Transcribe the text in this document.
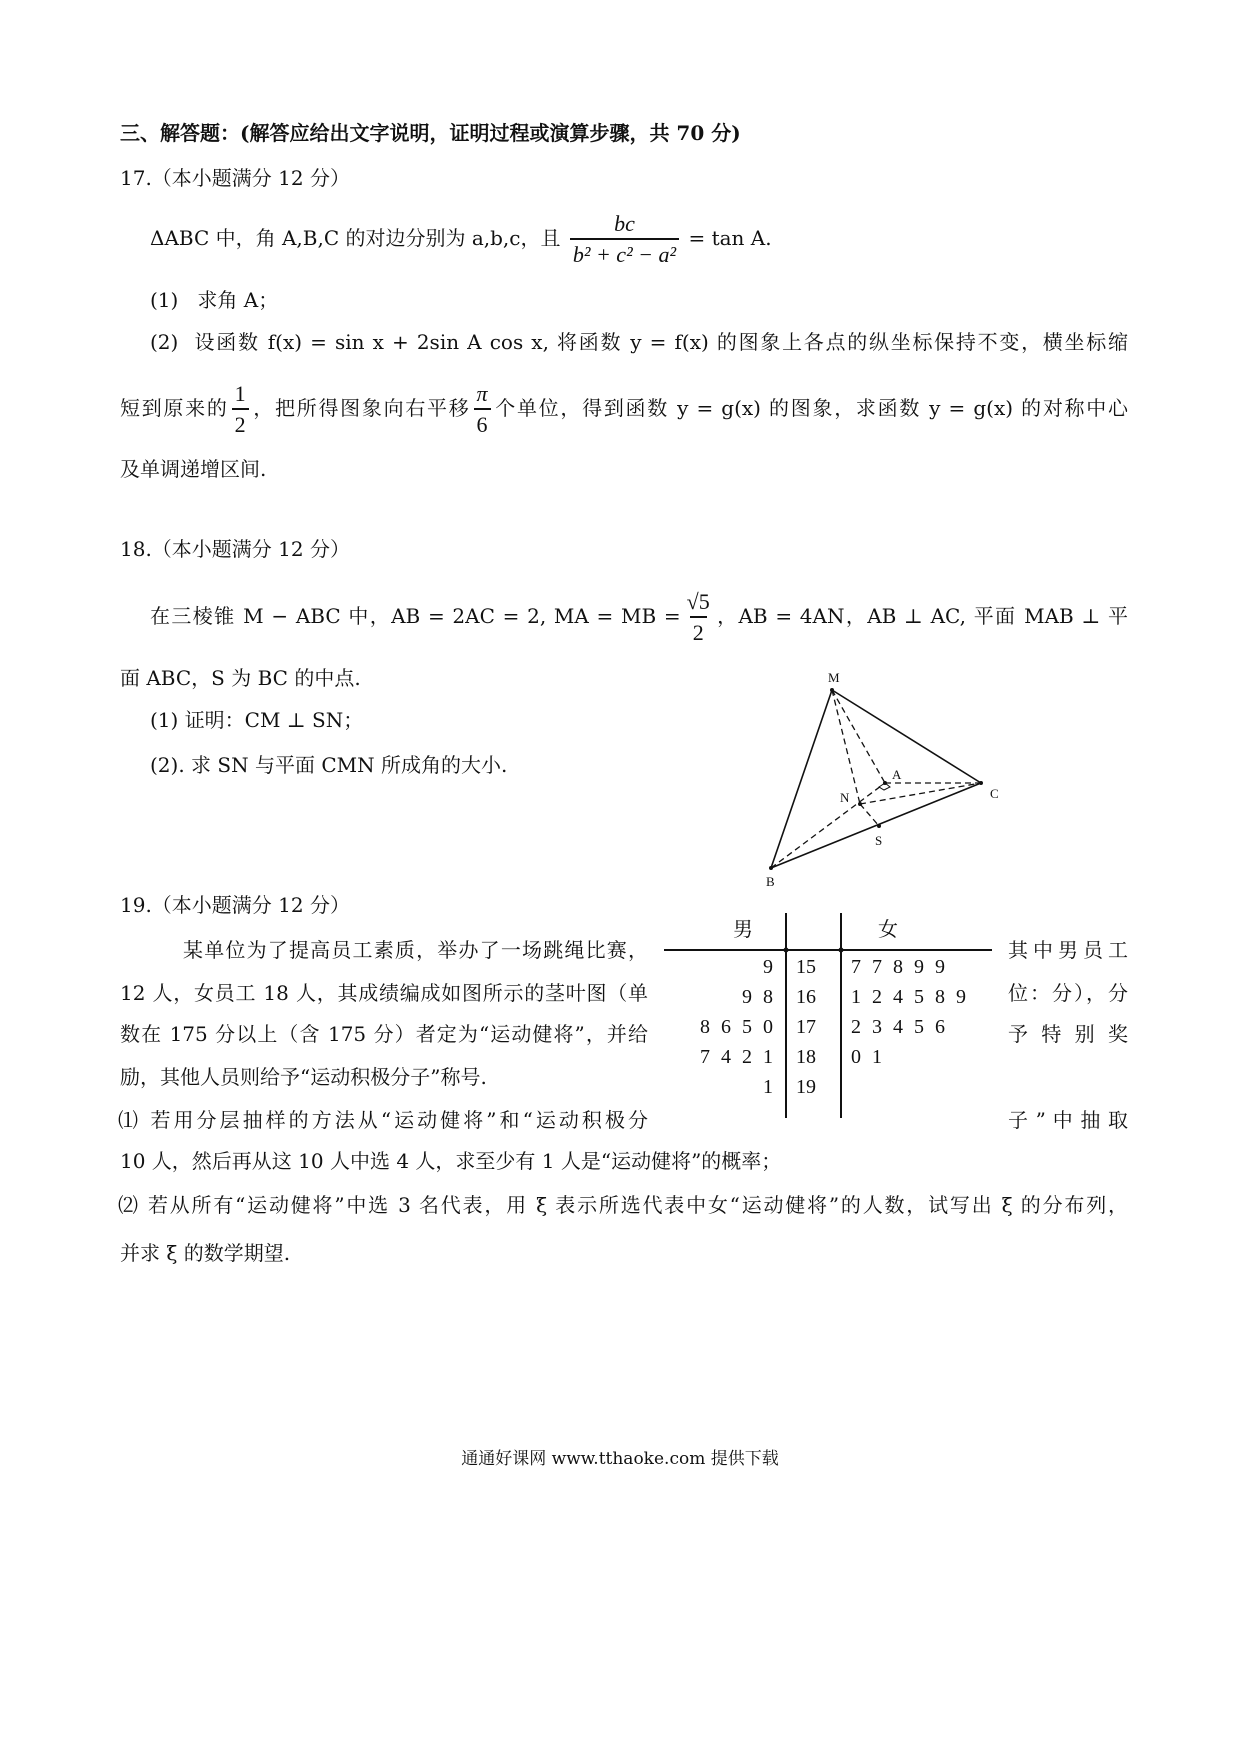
三、解答题：(解答应给出文字说明，证明过程或演算步骤，共 70 分)
17.（本小题满分 12 分）
ΔABC 中，角 A,B,C 的对边分别为 a,b,c，且 $\frac{bc}{\text{b² + c² − a²}} = \tan A$.
(1) 求角 A；
(2) 设函数 f(x) = sin x + 2sin A cos x, 将函数 y = f(x) 的图象上各点的纵坐标保持不变，横坐标缩
短到原来的 $\frac{1}{2}$ ，把所得图象向右平移 $\frac{\pi}{6}$ 个单位，得到函数 y = g(x) 的图象，求函数 y = g(x) 的对称中心
及单调递增区间.
18.（本小题满分 12 分）
在三棱锥 M − ABC 中，AB = 2AC = 2, MA = MB = $\frac{√5}{2}$ ，AB = 4AN，AB ⊥ AC, 平面 MAB ⊥ 平
面 ABC，S 为 BC 的中点.
(1) 证明：CM ⊥ SN；
(2). 求 SN 与平面 CMN 所成角的大小.
M
A
C
N
S
B
19.（本小题满分 12 分）
某单位为了提高员工素质，举办了一场跳绳比赛，
12 人，女员工 18 人，其成绩编成如图所示的茎叶图（单
数在 175 分以上（含 175 分）者定为“运动健将”，并给
励，其他人员则给予“运动积极分子”称号.
⑴ 若用分层抽样的方法从“运动健将”和“运动积极分
其中男员工
位：分），分
予 特 别 奖
子 ” 中 抽 取
10 人，然后再从这 10 人中选 4 人，求至少有 1 人是“运动健将”的概率；
⑵ 若从所有“运动健将”中选 3 名代表，用 ξ 表示所选代表中女“运动健将”的人数，试写出 ξ 的分布列，
并求 ξ 的数学期望.
男	女
9 15 7 7 8 9 9
9 8 16 1 2 4 5 8 9
8 6 5 0 17 2 3 4 5 6
7 4 2 1 18 0 1
1 19
通通好课网 www.tthaoke.com 提供下载
